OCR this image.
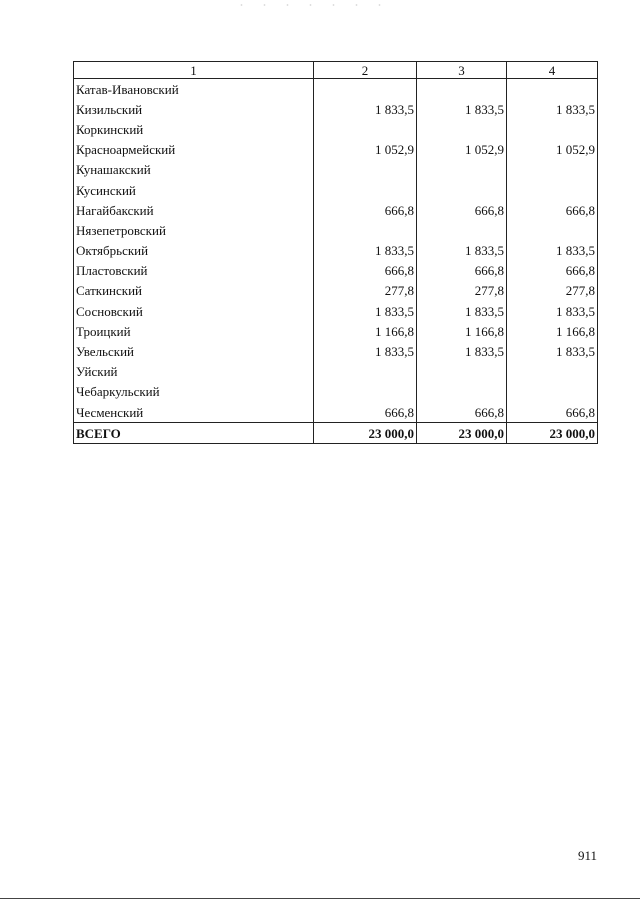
1	2	3	4
Катав-Ивановский			
Кизильский	1 833,5	1 833,5	1 833,5
Коркинский			
Красноармейский	1 052,9	1 052,9	1 052,9
Кунашакский			
Кусинский			
Нагайбакский	666,8	666,8	666,8
Нязепетровский			
Октябрьский	1 833,5	1 833,5	1 833,5
Пластовский	666,8	666,8	666,8
Саткинский	277,8	277,8	277,8
Сосновский	1 833,5	1 833,5	1 833,5
Троицкий	1 166,8	1 166,8	1 166,8
Увельский	1 833,5	1 833,5	1 833,5
Уйский			
Чебаркульский			
Чесменский	666,8	666,8	666,8
ВСЕГО	23 000,0	23 000,0	23 000,0
911
